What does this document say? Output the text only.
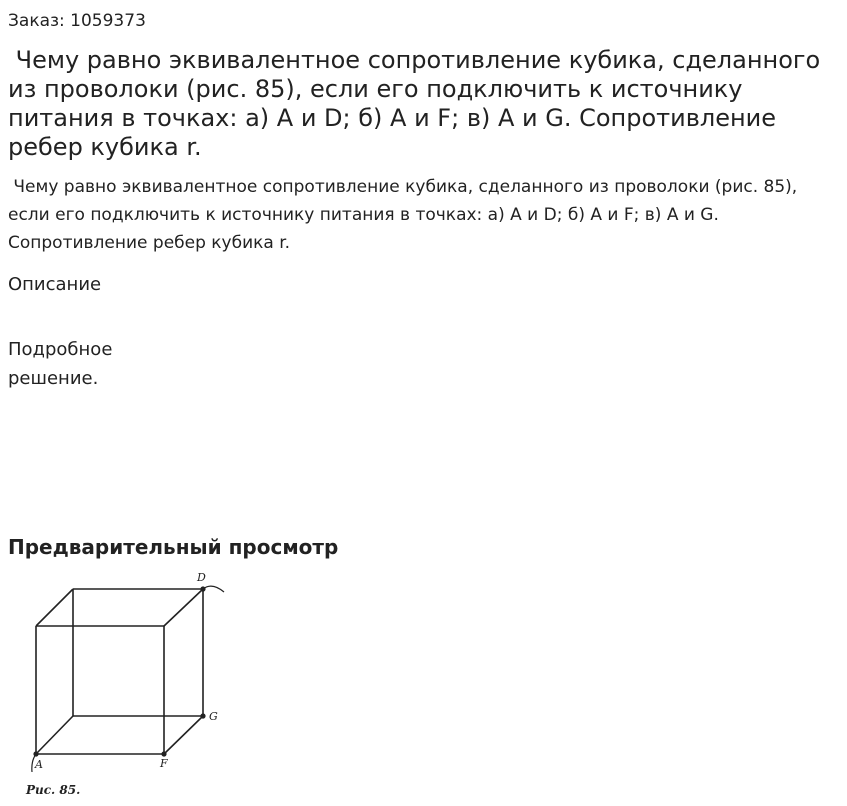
Заказ: 1059373
Чему равно эквивалентное сопротивление кубика, сделанного из проволоки (рис. 85), если его подключить к источнику питания в точках: а) A и D; б) A и F; в) A и G. Сопротивление ребер кубика r.
Чему равно эквивалентное сопротивление кубика, сделанного из проволоки (рис. 85), если его подключить к источнику питания в точках: а) A и D; б) A и F; в) A и G. Сопротивление ребер кубика r.
Описание
Подробное
решение.
Предварительный просмотр
D
G
F
A
Рис. 85.
